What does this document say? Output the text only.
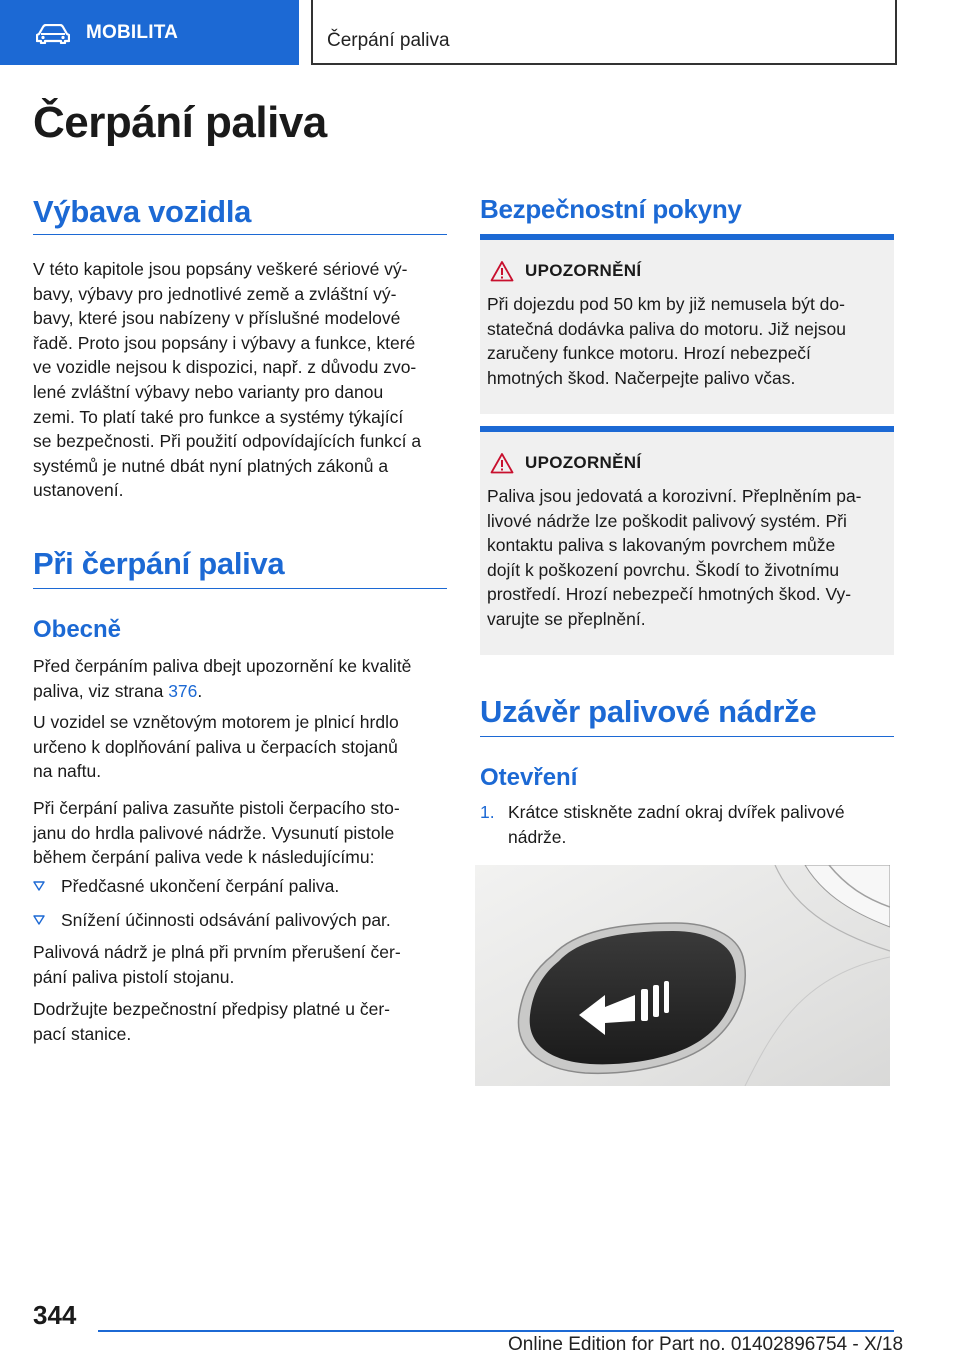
MOBILITA	Čerpání paliva
Čerpání paliva
Výbava vozidla
V této kapitole jsou popsány veškeré sériové vý-
bavy, výbavy pro jednotlivé země a zvláštní vý-
bavy, které jsou nabízeny v příslušné modelové
řadě. Proto jsou popsány i výbavy a funkce, které
ve vozidle nejsou k dispozici, např. z důvodu zvo-
lené zvláštní výbavy nebo varianty pro danou
zemi. To platí také pro funkce a systémy týkající
se bezpečnosti. Při použití odpovídajících funkcí a
systémů je nutné dbát nyní platných zákonů a
ustanovení.
Při čerpání paliva
Obecně
Před čerpáním paliva dbejt upozornění ke kvalitě
paliva, viz strana 376.
U vozidel se vznětovým motorem je plnicí hrdlo
určeno k doplňování paliva u čerpacích stojanů
na naftu.
Při čerpání paliva zasuňte pistoli čerpacího sto-
janu do hrdla palivové nádrže. Vysunutí pistole
během čerpání paliva vede k následujícímu:
Předčasné ukončení čerpání paliva.
Snížení účinnosti odsávání palivových par.
Palivová nádrž je plná při prvním přerušení čer-
pání paliva pistolí stojanu.
Dodržujte bezpečnostní předpisy platné u čer-
pací stanice.
Bezpečnostní pokyny
UPOZORNĚNÍ
Při dojezdu pod 50 km by již nemusela být do-
statečná dodávka paliva do motoru. Již nejsou
zaručeny funkce motoru. Hrozí nebezpečí
hmotných škod. Načerpejte palivo včas.
UPOZORNĚNÍ
Paliva jsou jedovatá a korozivní. Přeplněním pa-
livové nádrže lze poškodit palivový systém. Při
kontaktu paliva s lakovaným povrchem může
dojít k poškození povrchu. Škodí to životnímu
prostředí. Hrozí nebezpečí hmotných škod. Vy-
varujte se přeplnění.
Uzávěr palivové nádrže
Otevření
1. Krátce stiskněte zadní okraj dvířek palivové
nádrže.
344
Online Edition for Part no. 01402896754 - X/18
